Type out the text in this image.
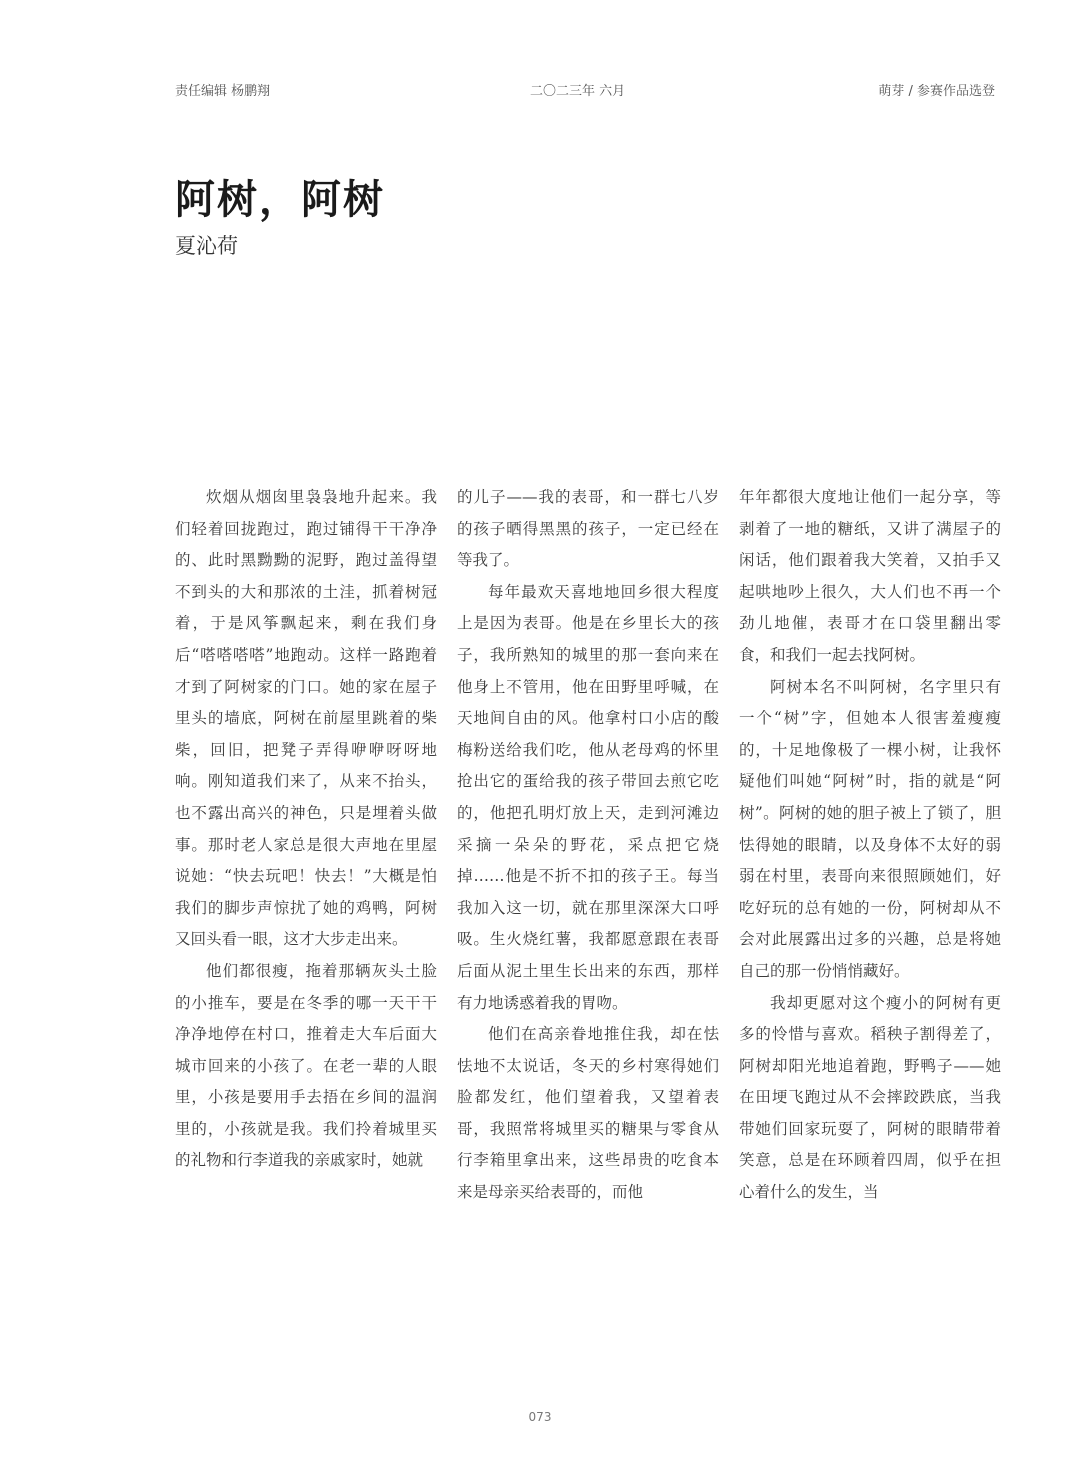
责任编辑 杨鹏翔	二〇二三年 六月	萌芽 / 参赛作品选登
阿树，阿树
夏沁荷

炊烟从烟囱里袅袅地升起来。我们轻着回拢跑过，跑过铺得干干净净的、此时黑黝黝的泥野，跑过盖得望不到头的大和那浓的土洼，抓着树冠着，于是风筝飘起来，剩在我们身后“嗒嗒嗒嗒”地跑动。这样一路跑着才到了阿树家的门口。她的家在屋子里头的墙底，阿树在前屋里跳着的柴柴，回旧，把凳子弄得咿咿呀呀地响。刚知道我们来了，从来不抬头，也不露出高兴的神色，只是埋着头做事。那时老人家总是很大声地在里屋说她：“快去玩吧！快去！”大概是怕我们的脚步声惊扰了她的鸡鸭，阿树又回头看一眼，这才大步走出来。

他们都很瘦，拖着那辆灰头土脸的小推车，要是在冬季的哪一天干干净净地停在村口，推着走大车后面大城市回来的小孩了。在老一辈的人眼里，小孩是要用手去捂在乡间的温润里的，小孩就是我。我们拎着城里买的礼物和行李道我的亲戚家时，她就

的儿子——我的表哥，和一群七八岁的孩子晒得黑黑的孩子，一定已经在等我了。

每年最欢天喜地地回乡很大程度上是因为表哥。他是在乡里长大的孩子，我所熟知的城里的那一套向来在他身上不管用，他在田野里呼喊，在天地间自由的风。他拿村口小店的酸梅粉送给我们吃，他从老母鸡的怀里抢出它的蛋给我的孩子带回去煎它吃的，他把孔明灯放上天，走到河滩边采摘一朵朵的野花，采点把它烧掉……他是不折不扣的孩子王。每当我加入这一切，就在那里深深大口呼吸。生火烧红薯，我都愿意跟在表哥后面从泥土里生长出来的东西，那样有力地诱惑着我的胃吻。

他们在高亲眷地推住我，却在怯怯地不太说话，冬天的乡村寒得她们脸都发红，他们望着我，又望着表哥，我照常将城里买的糖果与零食从行李箱里拿出来，这些昂贵的吃食本来是母亲买给表哥的，而他

年年都很大度地让他们一起分享，等剥着了一地的糖纸，又讲了满屋子的闲话，他们跟着我大笑着，又拍手又起哄地吵上很久，大人们也不再一个劲儿地催，表哥才在口袋里翻出零食，和我们一起去找阿树。

阿树本名不叫阿树，名字里只有一个“树”字，但她本人很害羞瘦瘦的，十足地像极了一棵小树，让我怀疑他们叫她“阿树”时，指的就是“阿树”。阿树的她的胆子被上了锁了，胆怯得她的眼睛，以及身体不太好的弱弱在村里，表哥向来很照顾她们，好吃好玩的总有她的一份，阿树却从不会对此展露出过多的兴趣，总是将她自己的那一份悄悄藏好。

我却更愿对这个瘦小的阿树有更多的怜惜与喜欢。稻秧子割得差了，阿树却阳光地追着跑，野鸭子——她在田埂飞跑过从不会摔跤跌底，当我带她们回家玩耍了，阿树的眼睛带着笑意，总是在环顾着四周，似乎在担心着什么的发生，当

073
